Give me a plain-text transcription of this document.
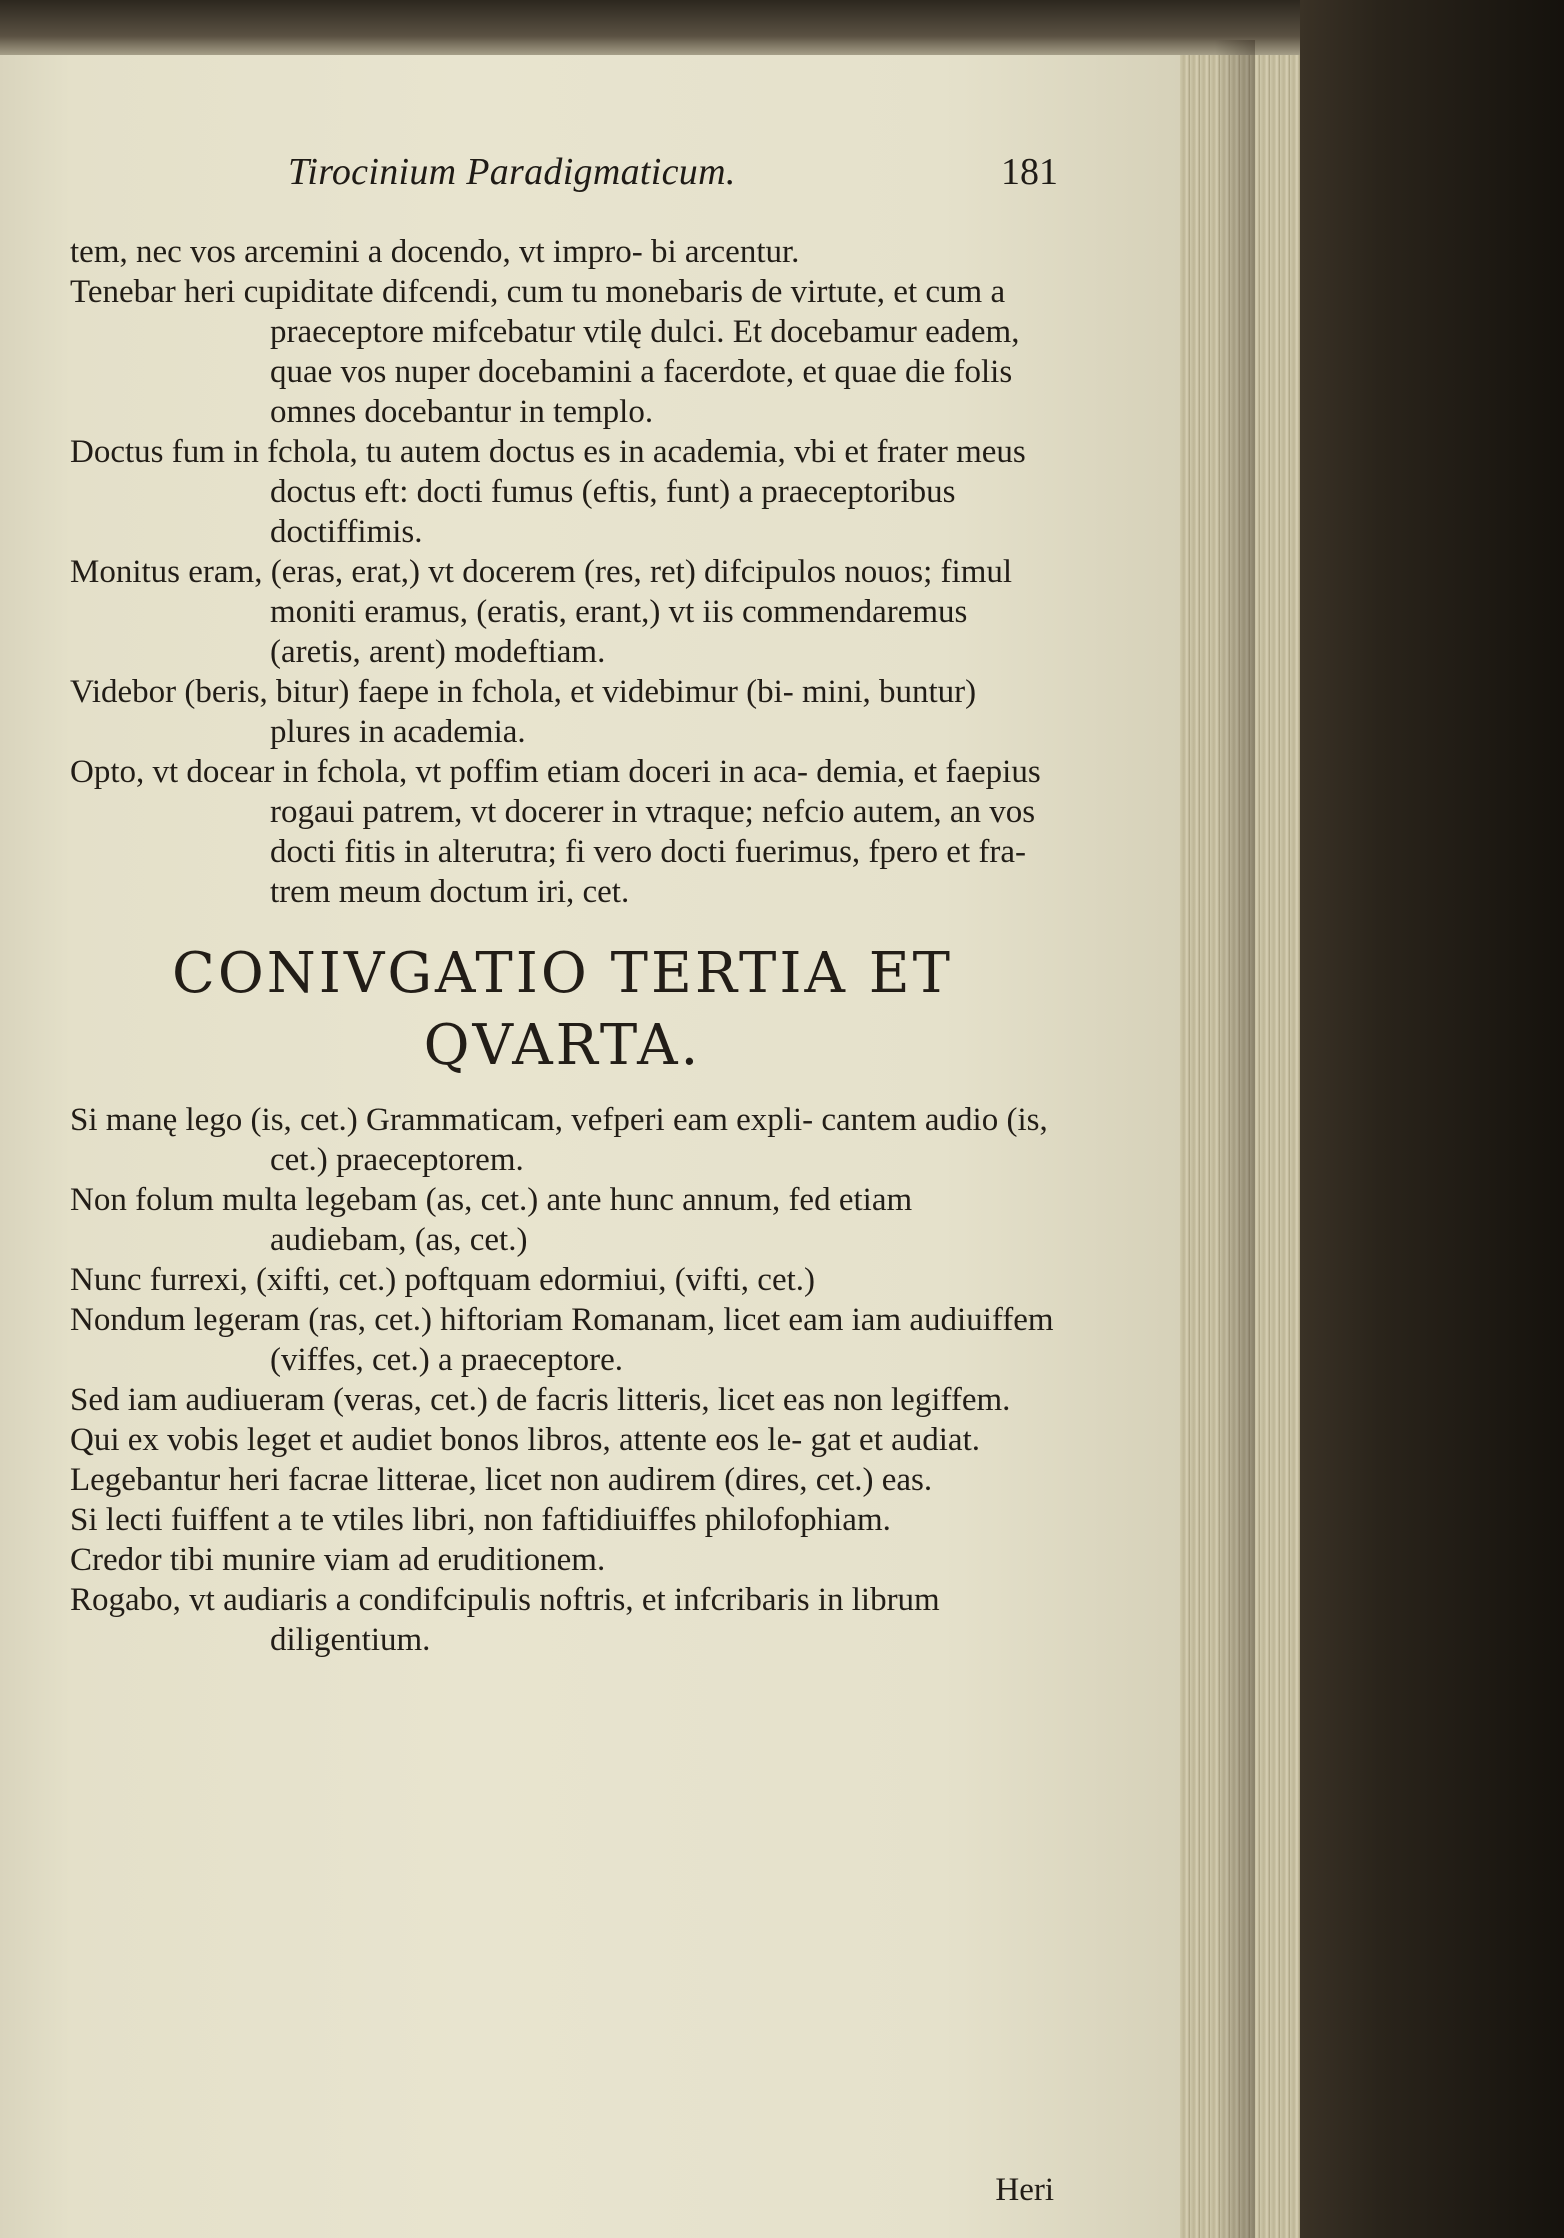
Tirocinium Paradigmaticum.	181

tem, nec vos arcemini a docendo, vt impro- bi arcentur.

Tenebar heri cupiditate difcendi, cum tu monebaris de virtute, et cum a praeceptore mifcebatur vtilę dulci. Et docebamur eadem, quae vos nuper docebamini a facerdote, et quae die folis omnes docebantur in templo.

Doctus fum in fchola, tu autem doctus es in academia, vbi et frater meus doctus eft: docti fumus (eftis, funt) a praeceptoribus doctiffimis.

Monitus eram, (eras, erat,) vt docerem (res, ret) difcipulos nouos; fimul moniti eramus, (eratis, erant,) vt iis commendaremus (aretis, arent) modeftiam.

Videbor (beris, bitur) faepe in fchola, et videbimur (bi- mini, buntur) plures in academia.

Opto, vt docear in fchola, vt poffim etiam doceri in aca- demia, et faepius rogaui patrem, vt docerer in vtraque; nefcio autem, an vos docti fitis in alterutra; fi vero docti fuerimus, fpero et fra- trem meum doctum iri, cet.

CONIVGATIO TERTIA ET
QVARTA.

Si manę lego (is, cet.) Grammaticam, vefperi eam expli- cantem audio (is, cet.) praeceptorem.

Non folum multa legebam (as, cet.) ante hunc annum, fed etiam audiebam, (as, cet.)

Nunc furrexi, (xifti, cet.) poftquam edormiui, (vifti, cet.)

Nondum legeram (ras, cet.) hiftoriam Romanam, licet eam iam audiuiffem (viffes, cet.) a praeceptore.

Sed iam audiueram (veras, cet.) de facris litteris, licet eas non legiffem.

Qui ex vobis leget et audiet bonos libros, attente eos le- gat et audiat.

Legebantur heri facrae litterae, licet non audirem (dires, cet.) eas.

Si lecti fuiffent a te vtiles libri, non faftidiuiffes philofophiam.

Credor tibi munire viam ad eruditionem.

Rogabo, vt audiaris a condifcipulis noftris, et infcribaris in librum diligentium.

Heri
